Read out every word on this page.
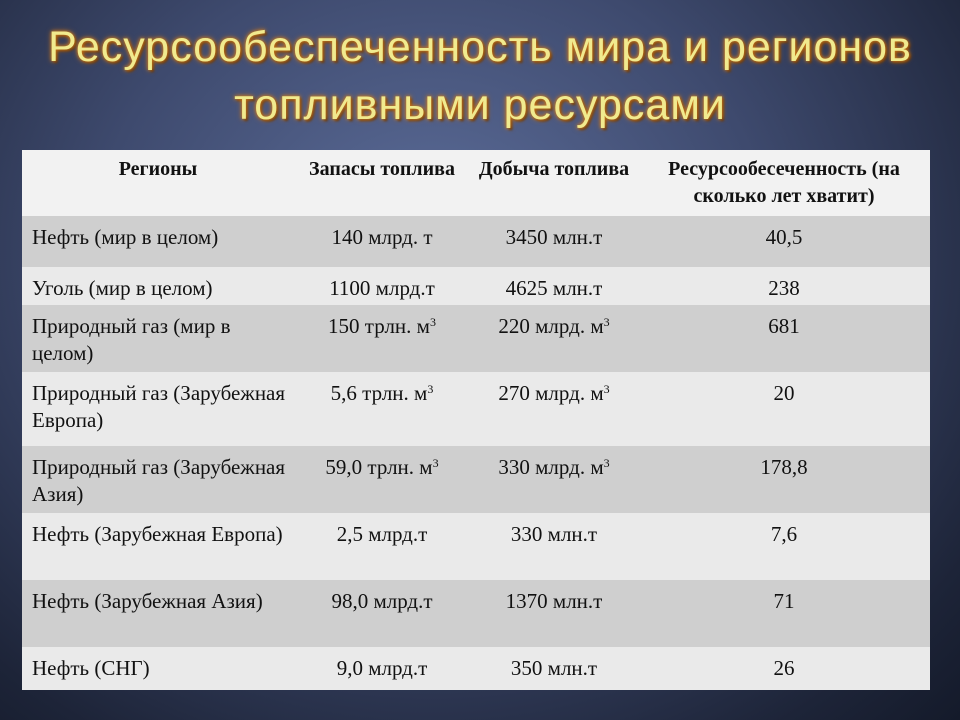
Ресурсообеспеченность мира и регионов топливными ресурсами
Регионы	Запасы топлива	Добыча топлива	Ресурсообесеченность (на сколько лет хватит)
Нефть (мир в целом)	140 млрд. т	3450 млн.т	40,5
Уголь (мир в целом)	1100 млрд.т	4625 млн.т	238
Природный газ (мир в целом)	150 трлн. $м^3$	220 млрд. $м^3$	681
Природный газ (Зарубежная Европа)	5,6 трлн. $м^3$	270 млрд. $м^3$	20
Природный газ (Зарубежная Азия)	59,0 трлн. $м^3$	330 млрд. $м^3$	178,8
Нефть (Зарубежная Европа)	2,5 млрд.т	330 млн.т	7,6
Нефть (Зарубежная Азия)	98,0 млрд.т	1370 млн.т	71
Нефть (СНГ)	9,0 млрд.т	350 млн.т	26
